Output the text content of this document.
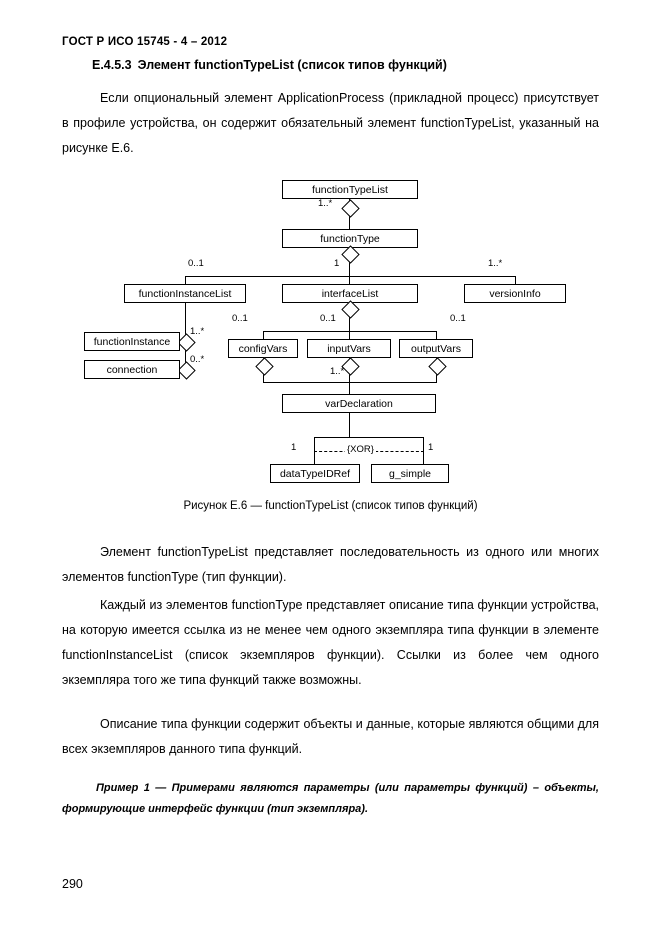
ГОСТ Р ИСО 15745 - 4 – 2012
E.4.5.3 Элемент functionTypeList (список типов функций)
Если опциональный элемент ApplicationProcess (прикладной процесс) присутствует в профиле устройства, он содержит обязательный элемент functionTypeList, указанный на рисунке E.6.
functionTypeList
1..*
functionType
1
0..1	1..*
functionInstanceList	interfaceList	versionInfo
0..1	0..1	0..1
1..*
0..*
functionInstance
connection
configVars	inputVars	outputVars
1..*
varDeclaration
{XOR}
1	1
dataTypeIDRef	g_simple
Рисунок E.6 — functionTypeList (список типов функций)
Элемент functionTypeList представляет последовательность из одного или многих элементов functionType (тип функции).
Каждый из элементов functionType представляет описание типа функции устройства, на которую имеется ссылка из не менее чем одного экземпляра типа функции в элементе functionInstanceList (список экземпляров функции). Ссылки из более чем одного экземпляра того же типа функций также возможны.
Описание типа функции содержит объекты и данные, которые являются общими для всех экземпляров данного типа функций.
Пример 1 — Примерами являются параметры (или параметры функций) – объекты, формирующие интерфейс функции (тип экземпляра).
290
